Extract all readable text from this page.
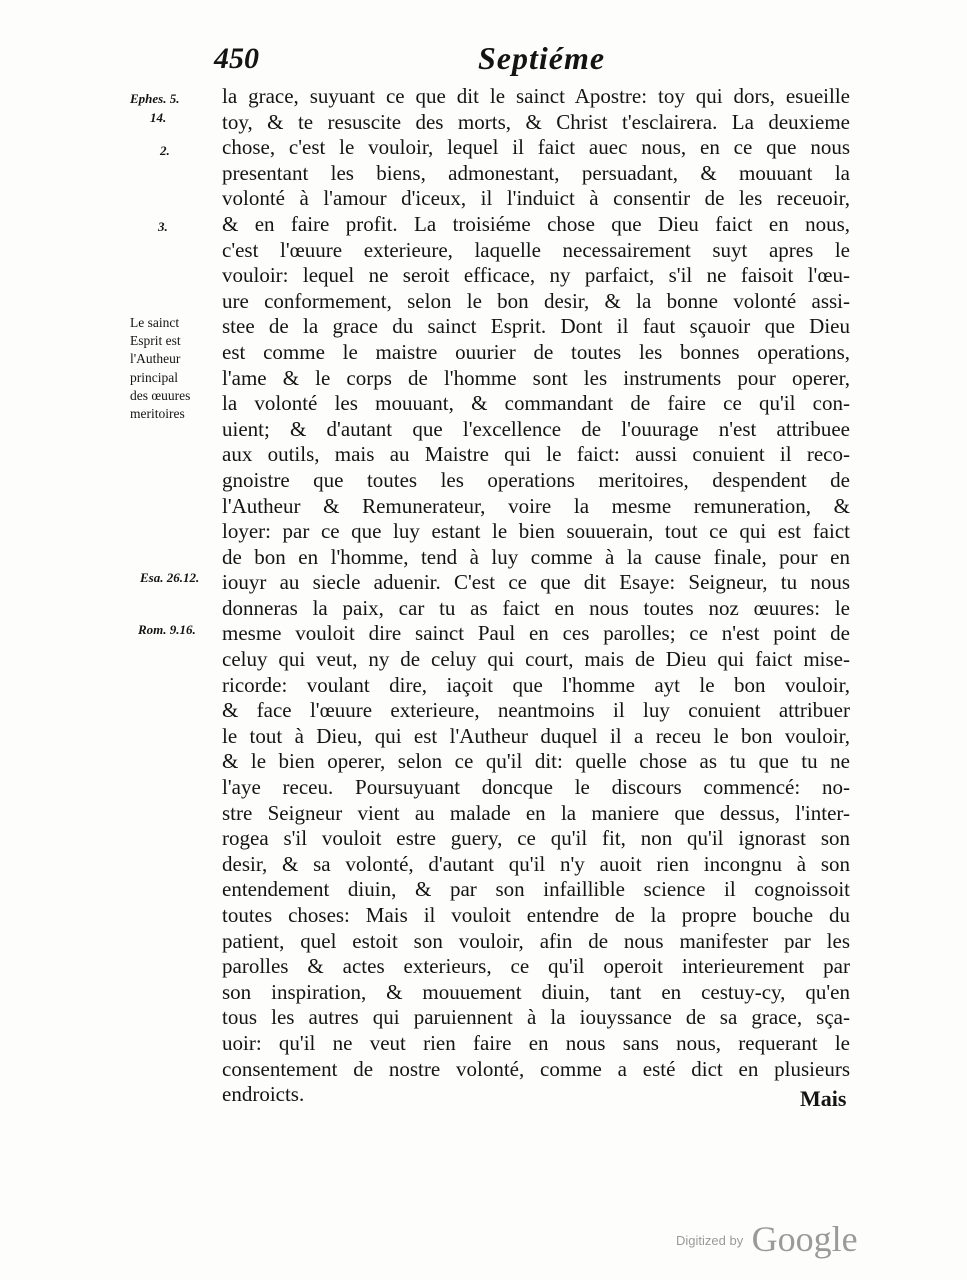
450	Septiéme
Ephes. 5.
14.
2.
3.
Esa. 26.12.
Rom. 9.16.
Le sainct
Esprit est
l'Autheur
principal
des œuures
meritoires
la grace, suyuant ce que dit le sainct Apostre: toy qui dors, esueille
toy, & te resuscite des morts, & Christ t'esclairera. La deuxieme
chose, c'est le vouloir, lequel il faict auec nous, en ce que nous
presentant les biens, admonestant, persuadant, & mouuant la
volonté à l'amour d'iceux, il l'induict à consentir de les receuoir,
& en faire profit. La troisiéme chose que Dieu faict en nous,
c'est l'œuure exterieure, laquelle necessairement suyt apres le
vouloir: lequel ne seroit efficace, ny parfaict, s'il ne faisoit l'œu-
ure conformement, selon le bon desir, & la bonne volonté assi-
stee de la grace du sainct Esprit. Dont il faut sçauoir que Dieu
est comme le maistre ouurier de toutes les bonnes operations,
l'ame & le corps de l'homme sont les instruments pour operer,
la volonté les mouuant, & commandant de faire ce qu'il con-
uient; & d'autant que l'excellence de l'ouurage n'est attribuee
aux outils, mais au Maistre qui le faict: aussi conuient il reco-
gnoistre que toutes les operations meritoires, despendent de
l'Autheur & Remunerateur, voire la mesme remuneration, &
loyer: par ce que luy estant le bien souuerain, tout ce qui est faict
de bon en l'homme, tend à luy comme à la cause finale, pour en
iouyr au siecle aduenir. C'est ce que dit Esaye: Seigneur, tu nous
donneras la paix, car tu as faict en nous toutes noz œuures: le
mesme vouloit dire sainct Paul en ces parolles; ce n'est point de
celuy qui veut, ny de celuy qui court, mais de Dieu qui faict mise-
ricorde: voulant dire, iaçoit que l'homme ayt le bon vouloir,
& face l'œuure exterieure, neantmoins il luy conuient attribuer
le tout à Dieu, qui est l'Autheur duquel il a receu le bon vouloir,
& le bien operer, selon ce qu'il dit: quelle chose as tu que tu ne
l'aye receu. Poursuyuant doncque le discours commencé: no-
stre Seigneur vient au malade en la maniere que dessus, l'inter-
rogea s'il vouloit estre guery, ce qu'il fit, non qu'il ignorast son
desir, & sa volonté, d'autant qu'il n'y auoit rien incongnu à son
entendement diuin, & par son infaillible science il cognoissoit
toutes choses: Mais il vouloit entendre de la propre bouche du
patient, quel estoit son vouloir, afin de nous manifester par les
parolles & actes exterieurs, ce qu'il operoit interieurement par
son inspiration, & mouuement diuin, tant en cestuy-cy, qu'en
tous les autres qui paruiennent à la iouyssance de sa grace, sça-
uoir: qu'il ne veut rien faire en nous sans nous, requerant le
consentement de nostre volonté, comme a esté dict en plusieurs
endroicts.	Mais
$^{Digitized by}$ Google
